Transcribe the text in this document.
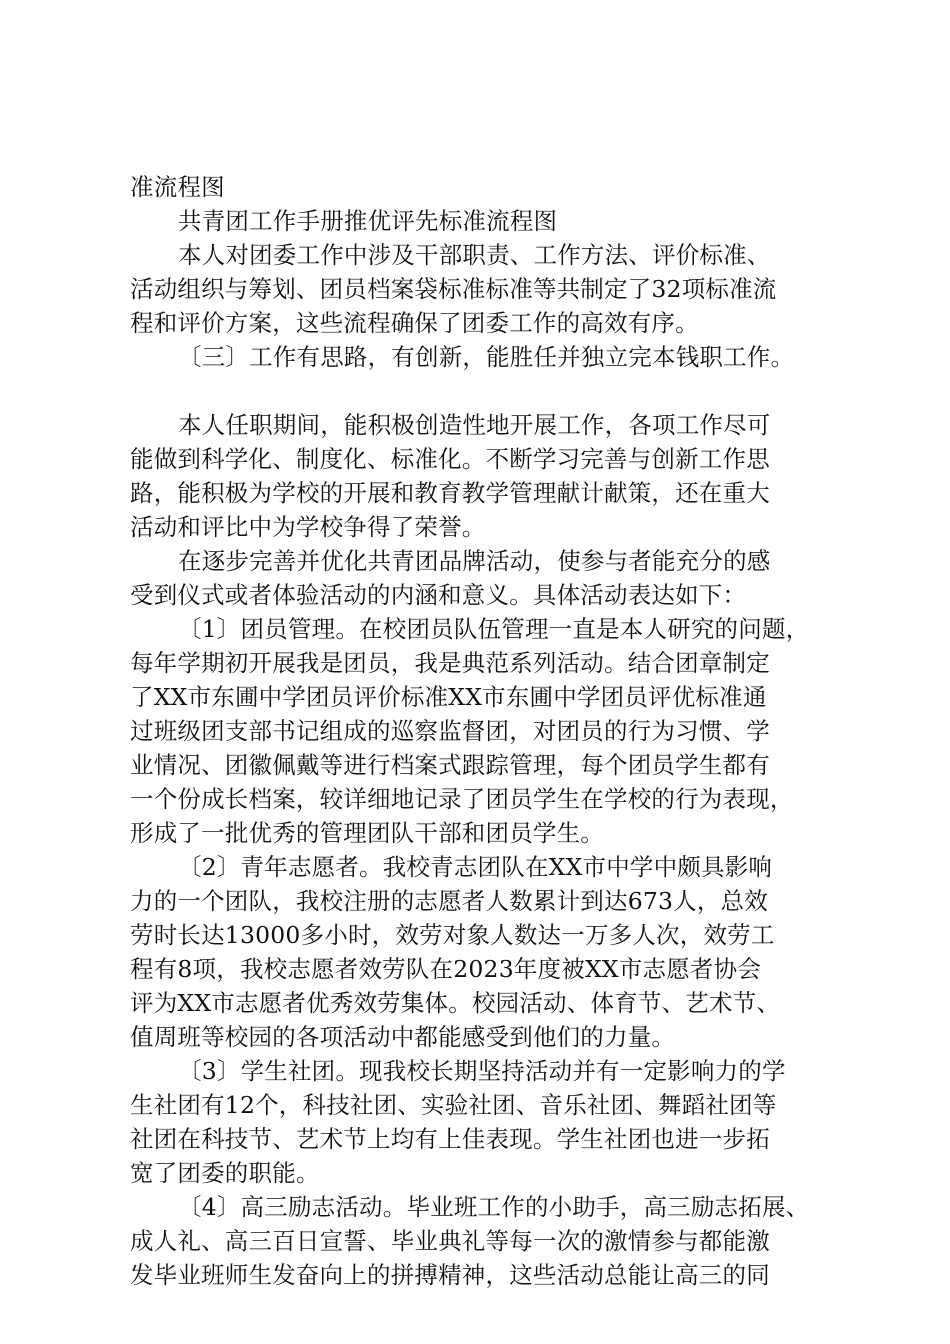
准流程图
共青团工作手册推优评先标准流程图
本人对团委工作中涉及干部职责、工作方法、评价标准、
活动组织与筹划、团员档案袋标准标准等共制定了32项标准流
程和评价方案，这些流程确保了团委工作的高效有序。
〔三〕工作有思路，有创新，能胜任并独立完本钱职工作。
本人任职期间，能积极创造性地开展工作，各项工作尽可
能做到科学化、制度化、标准化。不断学习完善与创新工作思
路，能积极为学校的开展和教育教学管理献计献策，还在重大
活动和评比中为学校争得了荣誉。
在逐步完善并优化共青团品牌活动，使参与者能充分的感
受到仪式或者体验活动的内涵和意义。具体活动表达如下：
〔1〕团员管理。在校团员队伍管理一直是本人研究的问题，
每年学期初开展我是团员，我是典范系列活动。结合团章制定
了XX市东圃中学团员评价标准XX市东圃中学团员评优标准通
过班级团支部书记组成的巡察监督团，对团员的行为习惯、学
业情况、团徽佩戴等进行档案式跟踪管理，每个团员学生都有
一个份成长档案，较详细地记录了团员学生在学校的行为表现，
形成了一批优秀的管理团队干部和团员学生。
〔2〕青年志愿者。我校青志团队在XX市中学中颇具影响
力的一个团队，我校注册的志愿者人数累计到达673人，总效
劳时长达13000多小时，效劳对象人数达一万多人次，效劳工
程有8项，我校志愿者效劳队在2023年度被XX市志愿者协会
评为XX市志愿者优秀效劳集体。校园活动、体育节、艺术节、
值周班等校园的各项活动中都能感受到他们的力量。
〔3〕学生社团。现我校长期坚持活动并有一定影响力的学
生社团有12个，科技社团、实验社团、音乐社团、舞蹈社团等
社团在科技节、艺术节上均有上佳表现。学生社团也进一步拓
宽了团委的职能。
〔4〕高三励志活动。毕业班工作的小助手，高三励志拓展、
成人礼、高三百日宣誓、毕业典礼等每一次的激情参与都能激
发毕业班师生发奋向上的拼搏精神，这些活动总能让高三的同
